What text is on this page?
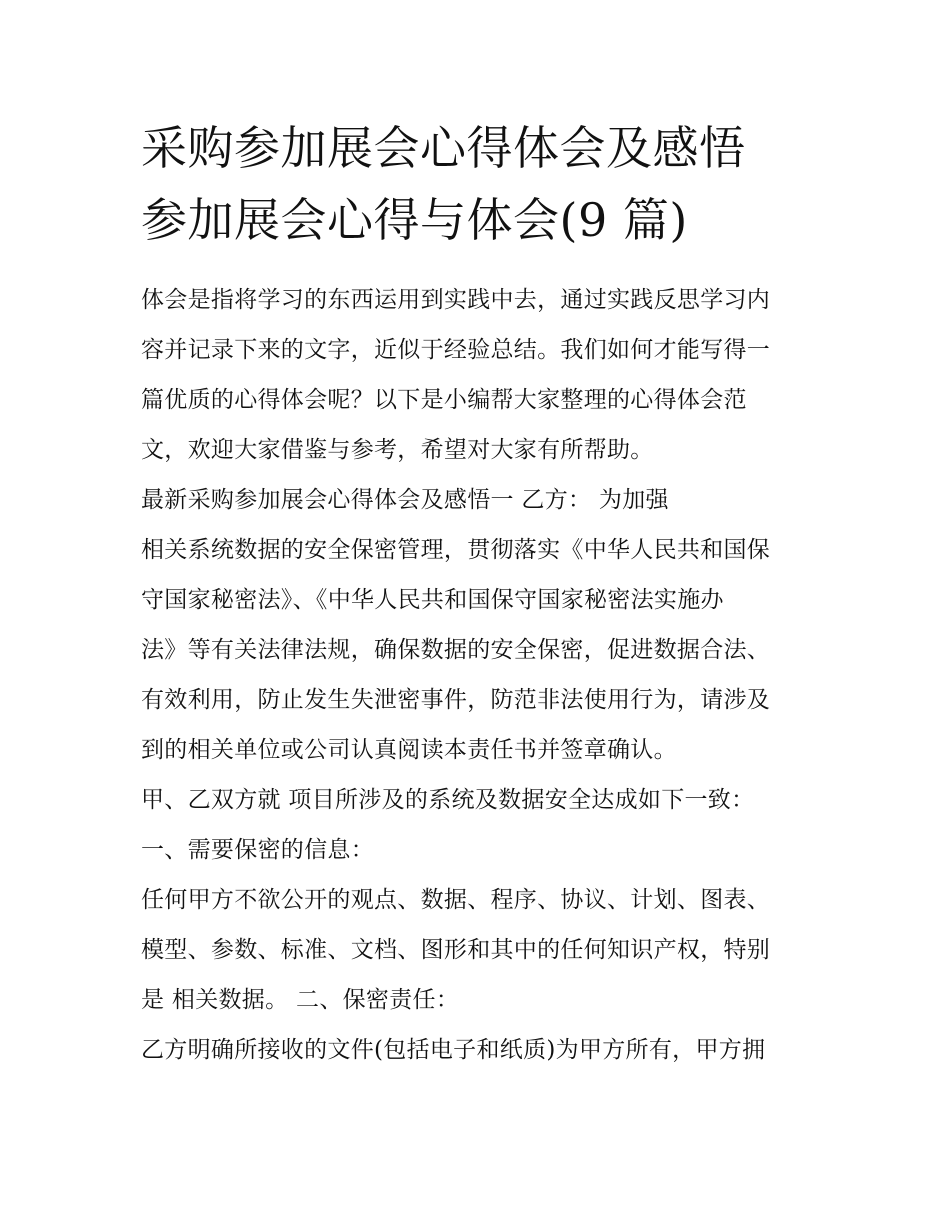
采购参加展会心得体会及感悟
参加展会心得与体会(9 篇)
体会是指将学习的东西运用到实践中去，通过实践反思学习内
容并记录下来的文字，近似于经验总结。我们如何才能写得一
篇优质的心得体会呢？以下是小编帮大家整理的心得体会范
文，欢迎大家借鉴与参考，希望对大家有所帮助。
最新采购参加展会心得体会及感悟一 乙方： 为加强
相关系统数据的安全保密管理，贯彻落实《中华人民共和国保
守国家秘密法》、《中华人民共和国保守国家秘密法实施办
法》等有关法律法规，确保数据的安全保密，促进数据合法、
有效利用，防止发生失泄密事件，防范非法使用行为，请涉及
到的相关单位或公司认真阅读本责任书并签章确认。
甲、乙双方就 项目所涉及的系统及数据安全达成如下一致：
一、需要保密的信息：
任何甲方不欲公开的观点、数据、程序、协议、计划、图表、
模型、参数、标准、文档、图形和其中的任何知识产权，特别
是 相关数据。 二、保密责任：
乙方明确所接收的文件(包括电子和纸质)为甲方所有，甲方拥
